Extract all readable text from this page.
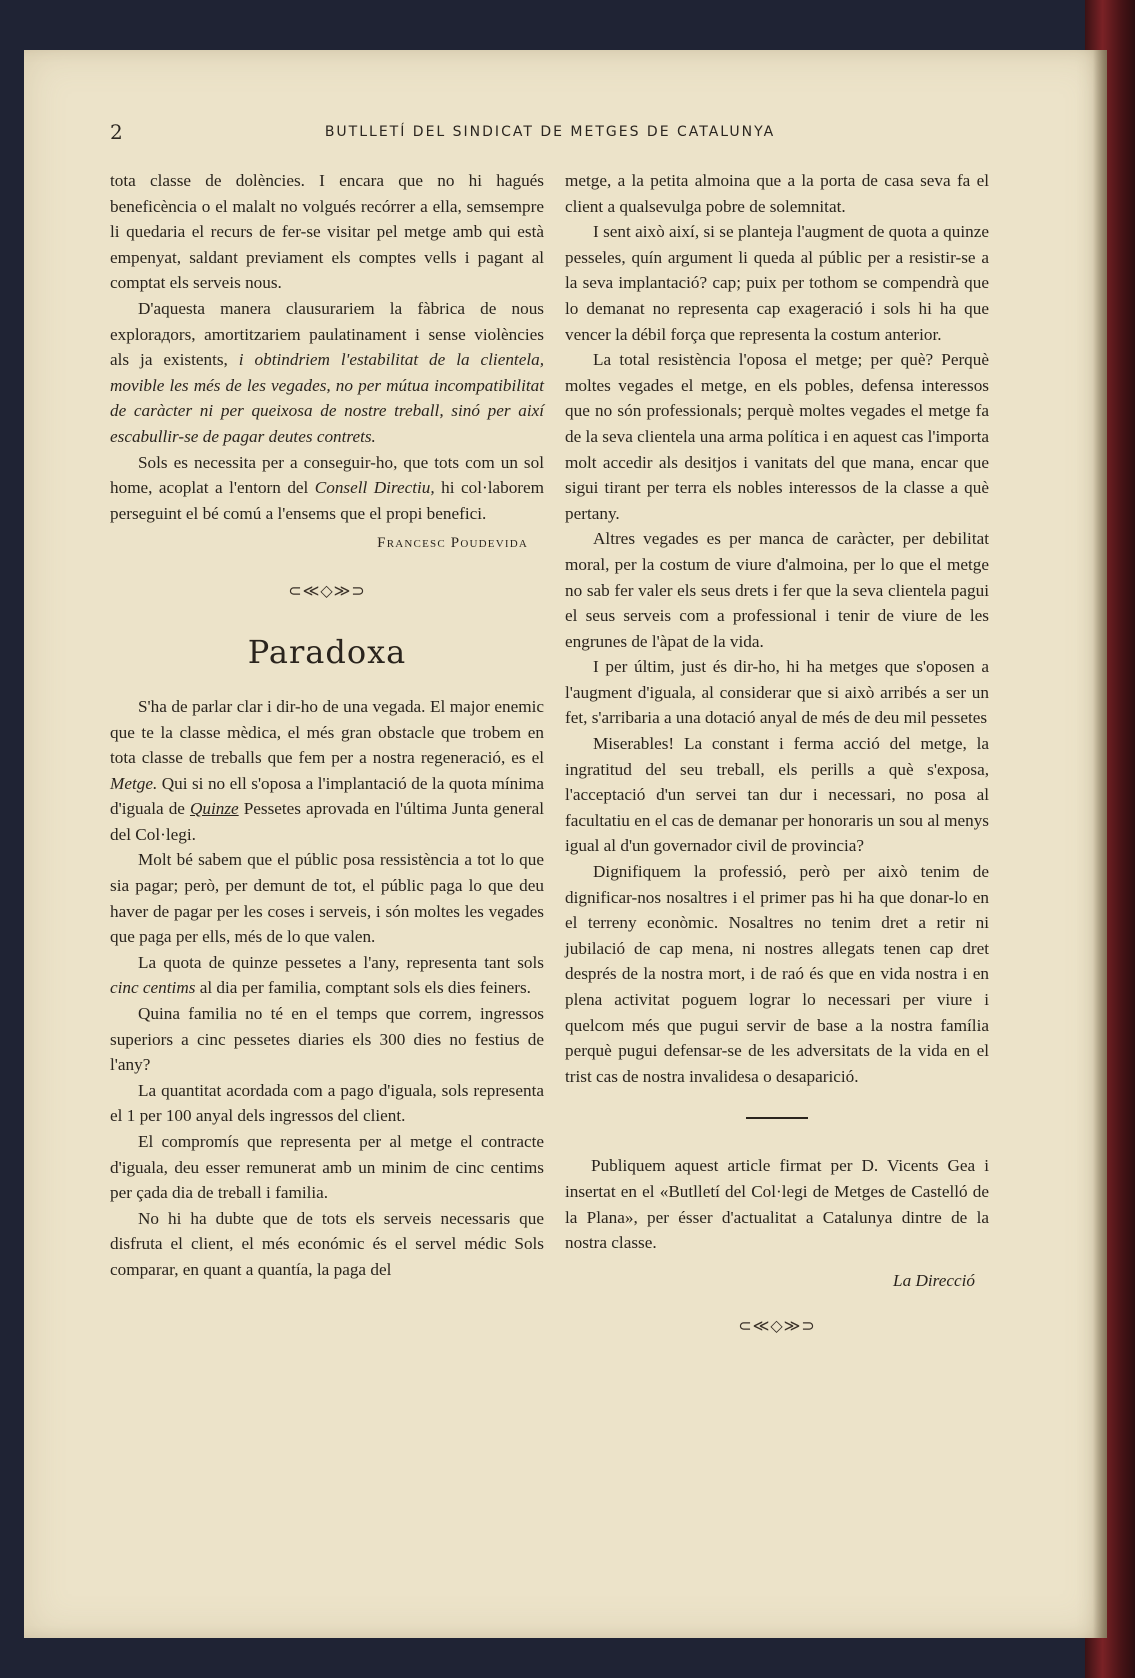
2	BUTLLETÍ DEL SINDICAT DE METGES DE CATALUNYA

tota classe de dolències. I encara que no hi hagués beneficència o el malalt no volgués recórrer a ella, semsempre li quedaria el recurs de fer-se visitar pel metge amb qui està empenyat, saldant previament els comptes vells i pagant al comptat els serveis nous.

D'aquesta manera clausurariem la fàbrica de nous explorадors, amortitzariem paulatinament i sense violències als ja existents, i obtindriem l'estabilitat de la clientela, movible les més de les vegades, no per mútua incompatibilitat de caràcter ni per queixosa de nostre treball, sinó per així escabullir-se de pagar deutes contrets.

Sols es necessita per a conseguir-ho, que tots com un sol home, acoplat a l'entorn del Consell Directiu, hi col·laborem perseguint el bé comú a l'ensems que el propi benefici.

Francesc Poudevida
⊂≪◇≫⊃
Paradoxa

S'ha de parlar clar i dir-ho de una vegada. El major enemic que te la classe mèdica, el més gran obstacle que trobem en tota classe de treballs que fem per a nostra regeneració, es el Metge. Qui si no ell s'oposa a l'implantació de la quota mínima d'iguala de Quinze Pessetes aprovada en l'última Junta general del Col·legi.

Molt bé sabem que el públic posa ressistència a tot lo que sia pagar; però, per demunt de tot, el públic paga lo que deu haver de pagar per les coses i serveis, i són moltes les vegades que paga per ells, més de lo que valen.

La quota de quinze pessetes a l'any, representa tant sols cinc centims al dia per familia, comptant sols els dies feiners.

Quina familia no té en el temps que correm, ingressos superiors a cinc pessetes diaries els 300 dies no festius de l'any?

La quantitat acordada com a pago d'iguala, sols representa el 1 per 100 anyal dels ingressos del client.

El compromís que representa per al metge el contracte d'iguala, deu esser remunerat amb un minim de cinc centims per çada dia de treball i familia.

No hi ha dubte que de tots els serveis necessaris que disfruta el client, el més económic és el servel médic Sols comparar, en quant a quantía, la paga del

metge, a la petita almoina que a la porta de casa seva fa el client a qualsevulga pobre de solemnitat.

I sent això així, si se planteja l'augment de quota a quinze pesseles, quín argument li queda al públic per a resistir-se a la seva implantació? cap; puix per tothom se compendrà que lo demanat no representa cap exageració i sols hi ha que vencer la débil força que representa la costum anterior.

La total resistència l'oposa el metge; per què? Perquè moltes vegades el metge, en els pobles, defensa interessos que no són professionals; perquè moltes vegades el metge fa de la seva clientela una arma política i en aquest cas l'importa molt accedir als desitjos i vanitats del que mana, encar que sigui tirant per terra els nobles interessos de la classe a què pertany.

Altres vegades es per manca de caràcter, per debilitat moral, per la costum de viure d'almoina, per lo que el metge no sab fer valer els seus drets i fer que la seva clientela pagui el seus serveis com a professional i tenir de viure de les engrunes de l'àpat de la vida.

I per últim, just és dir-ho, hi ha metges que s'oposen a l'augment d'iguala, al considerar que si això arribés a ser un fet, s'arribaria a una dotació anyal de més de deu mil pessetes

Miserables! La constant i ferma acció del metge, la ingratitud del seu treball, els perills a què s'exposa, l'acceptació d'un servei tan dur i necessari, no posa al facultatiu en el cas de demanar per honoraris un sou al menys igual al d'un governador civil de provincia?

Dignifiquem la professió, però per això tenim de dignificar-nos nosaltres i el primer pas hi ha que donar-lo en el terreny econòmic. Nosaltres no tenim dret a retir ni jubilació de cap mena, ni nostres allegats tenen cap dret després de la nostra mort, i de raó és que en vida nostra i en plena activitat poguem lograr lo necessari per viure i quelcom més que pugui servir de base a la nostra família perquè pugui defensar-se de les adversitats de la vida en el trist cas de nostra invalidesa o desaparició.

Publiquem aquest article firmat per D. Vicents Gea i insertat en el «Butlletí del Col·legi de Metges de Castelló de la Plana», per ésser d'actualitat a Catalunya dintre de la nostra classe.

La Direcció
⊂≪◇≫⊃
